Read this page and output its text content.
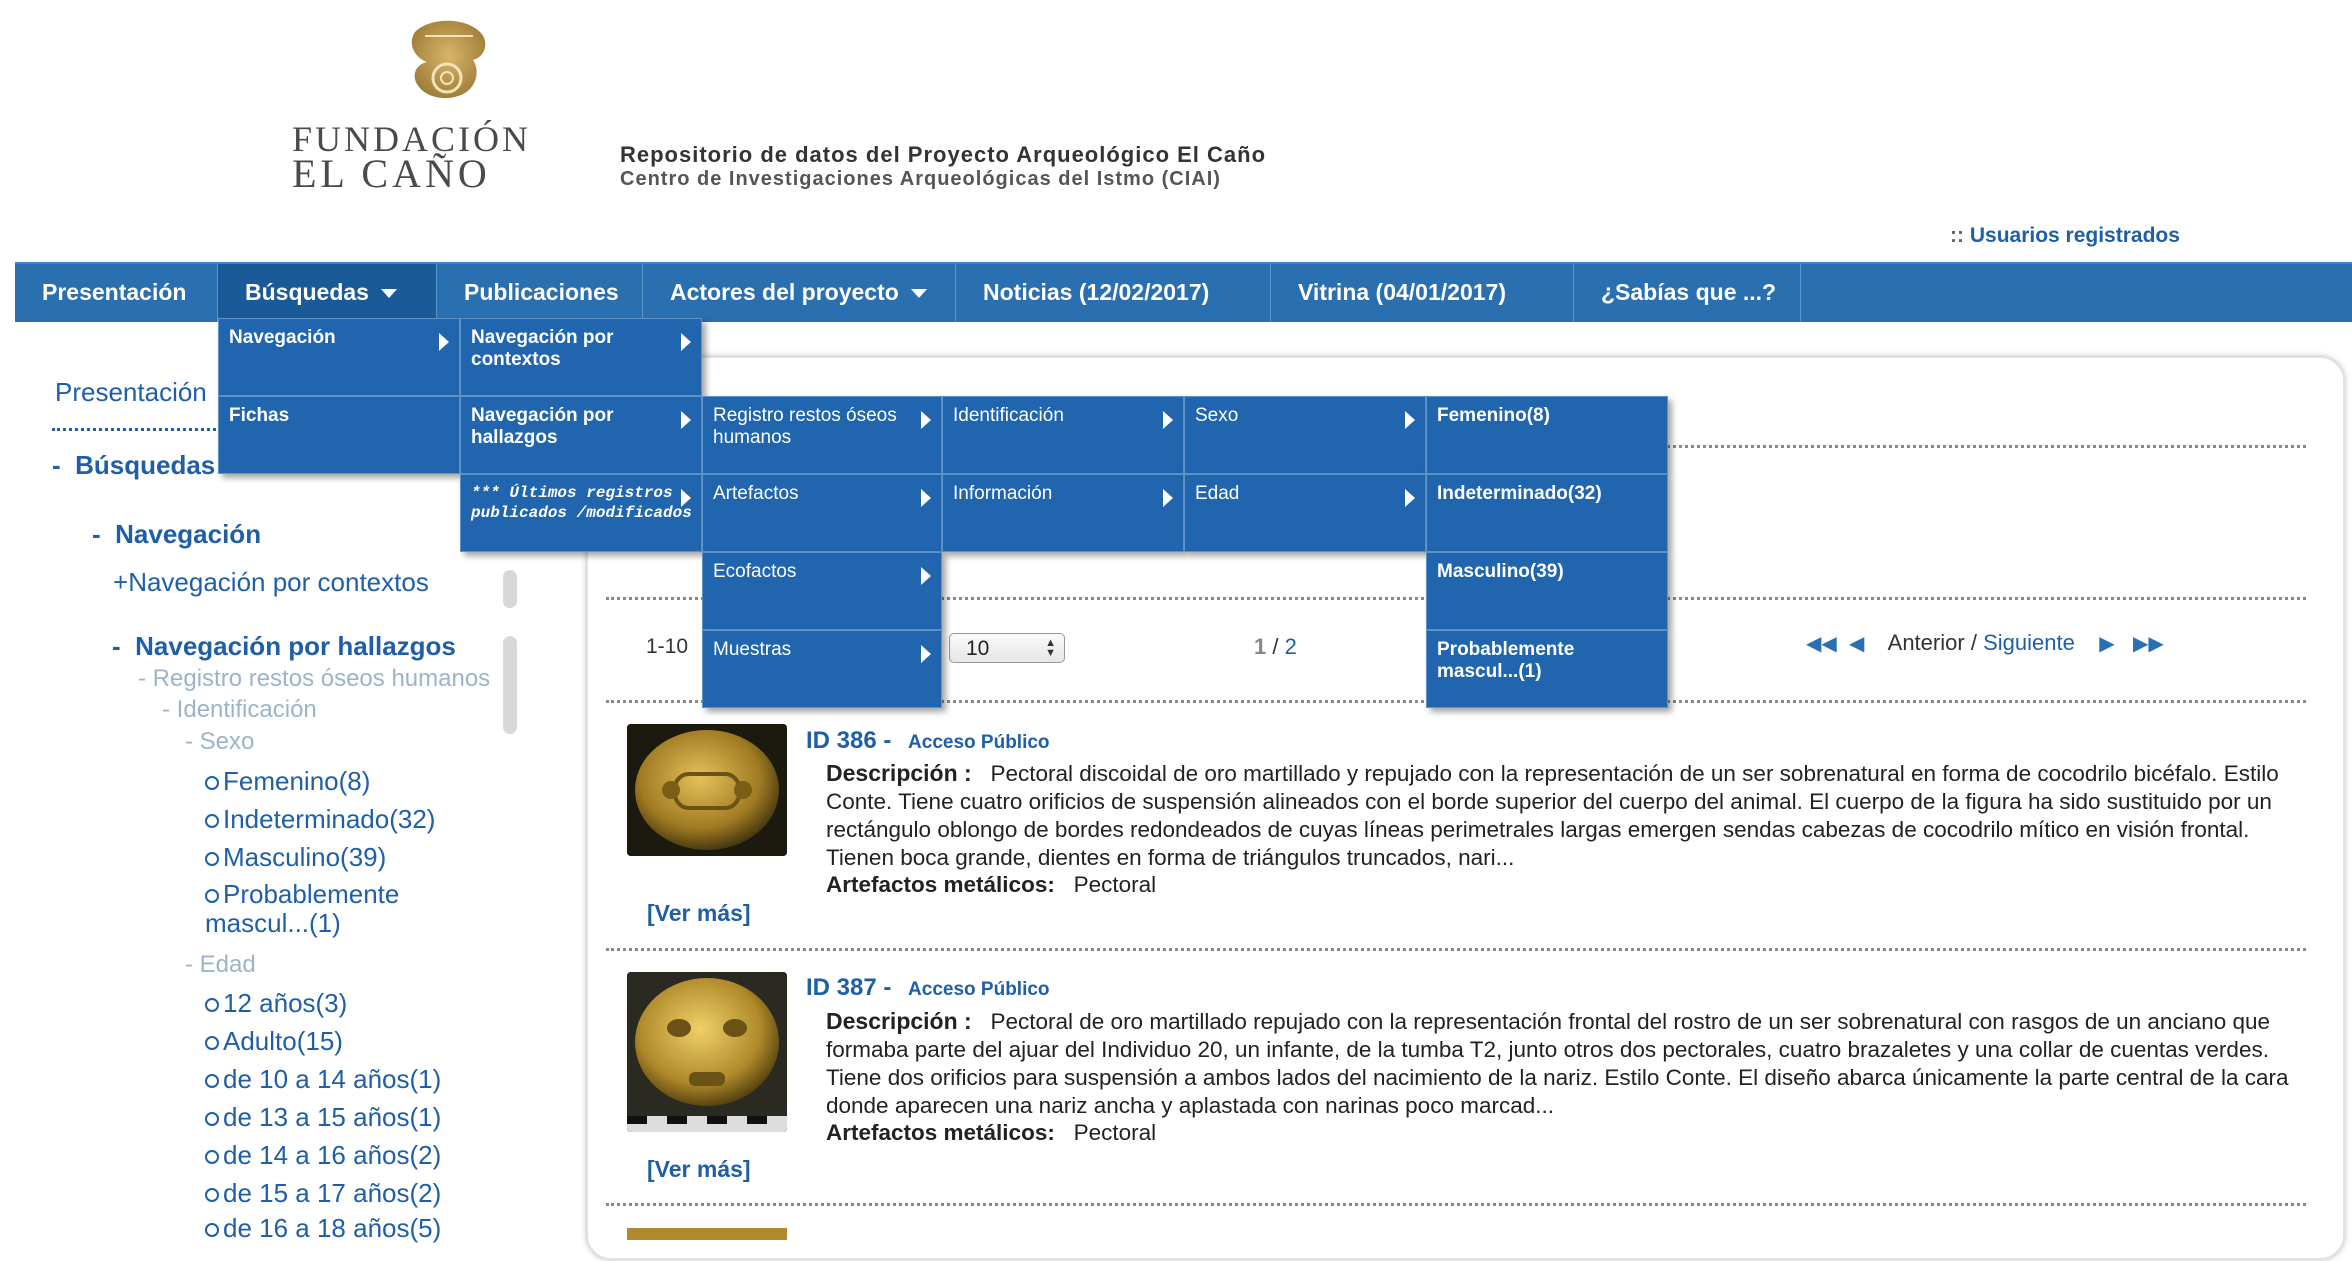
FUNDACIÓN
EL CAÑO	Repositorio de datos del Proyecto Arqueológico El Caño
Centro de Investigaciones Arqueológicas del Istmo (CIAI)
:: Usuarios registrados
Presentación	Búsquedas	Publicaciones	Actores del proyecto	Noticias (12/02/2017)	Vitrina (04/01/2017)	¿Sabías que ...?
1-10	10	▲
▼	1 / 2	◀◀ ◀ Anterior / Siguiente ▶ ▶▶
ID 386 - Acceso Público
Descripción : Pectoral discoidal de oro martillado y repujado con la representación de un ser sobrenatural en forma de cocodrilo bicéfalo. Estilo Conte. Tiene cuatro orificios de suspensión alineados con el borde superior del cuerpo del animal. El cuerpo de la figura ha sido sustituido por un rectángulo oblongo de bordes redondeados de cuyas líneas perimetrales largas emergen sendas cabezas de cocodrilo mítico en visión frontal. Tienen boca grande, dientes en forma de triángulos truncados, nari...
Artefactos metálicos: Pectoral
[Ver más]
ID 387 - Acceso Público
Descripción : Pectoral de oro martillado repujado con la representación frontal del rostro de un ser sobrenatural con rasgos de un anciano que formaba parte del ajuar del Individuo 20, un infante, de la tumba T2, junto otros dos pectorales, cuatro brazaletes y una collar de cuentas verdes. Tiene dos orificios para suspensión a ambos lados del nacimiento de la nariz. Estilo Conte. El diseño abarca únicamente la parte central de la cara donde aparecen una nariz ancha y aplastada con narinas poco marcad...
Artefactos metálicos: Pectoral
[Ver más]
Presentación
- Búsquedas
- Navegación
+Navegación por contextos
- Navegación por hallazgos
- Registro restos óseos humanos
- Identificación
- Sexo
Femenino(8)
Indeterminado(32)
Masculino(39)
Probablemente mascul...(1)
- Edad
12 años(3)
Adulto(15)
de 10 a 14 años(1)
de 13 a 15 años(1)
de 14 a 16 años(2)
de 15 a 17 años(2)
de 16 a 18 años(5)
Navegación
Fichas
Navegación por contextos
Navegación por hallazgos
*** Últimos registros publicados /modificados
Registro restos óseos humanos
Artefactos
Ecofactos
Muestras
Identificación
Información
Sexo
Edad
Femenino(8)
Indeterminado(32)
Masculino(39)
Probablemente mascul...(1)
